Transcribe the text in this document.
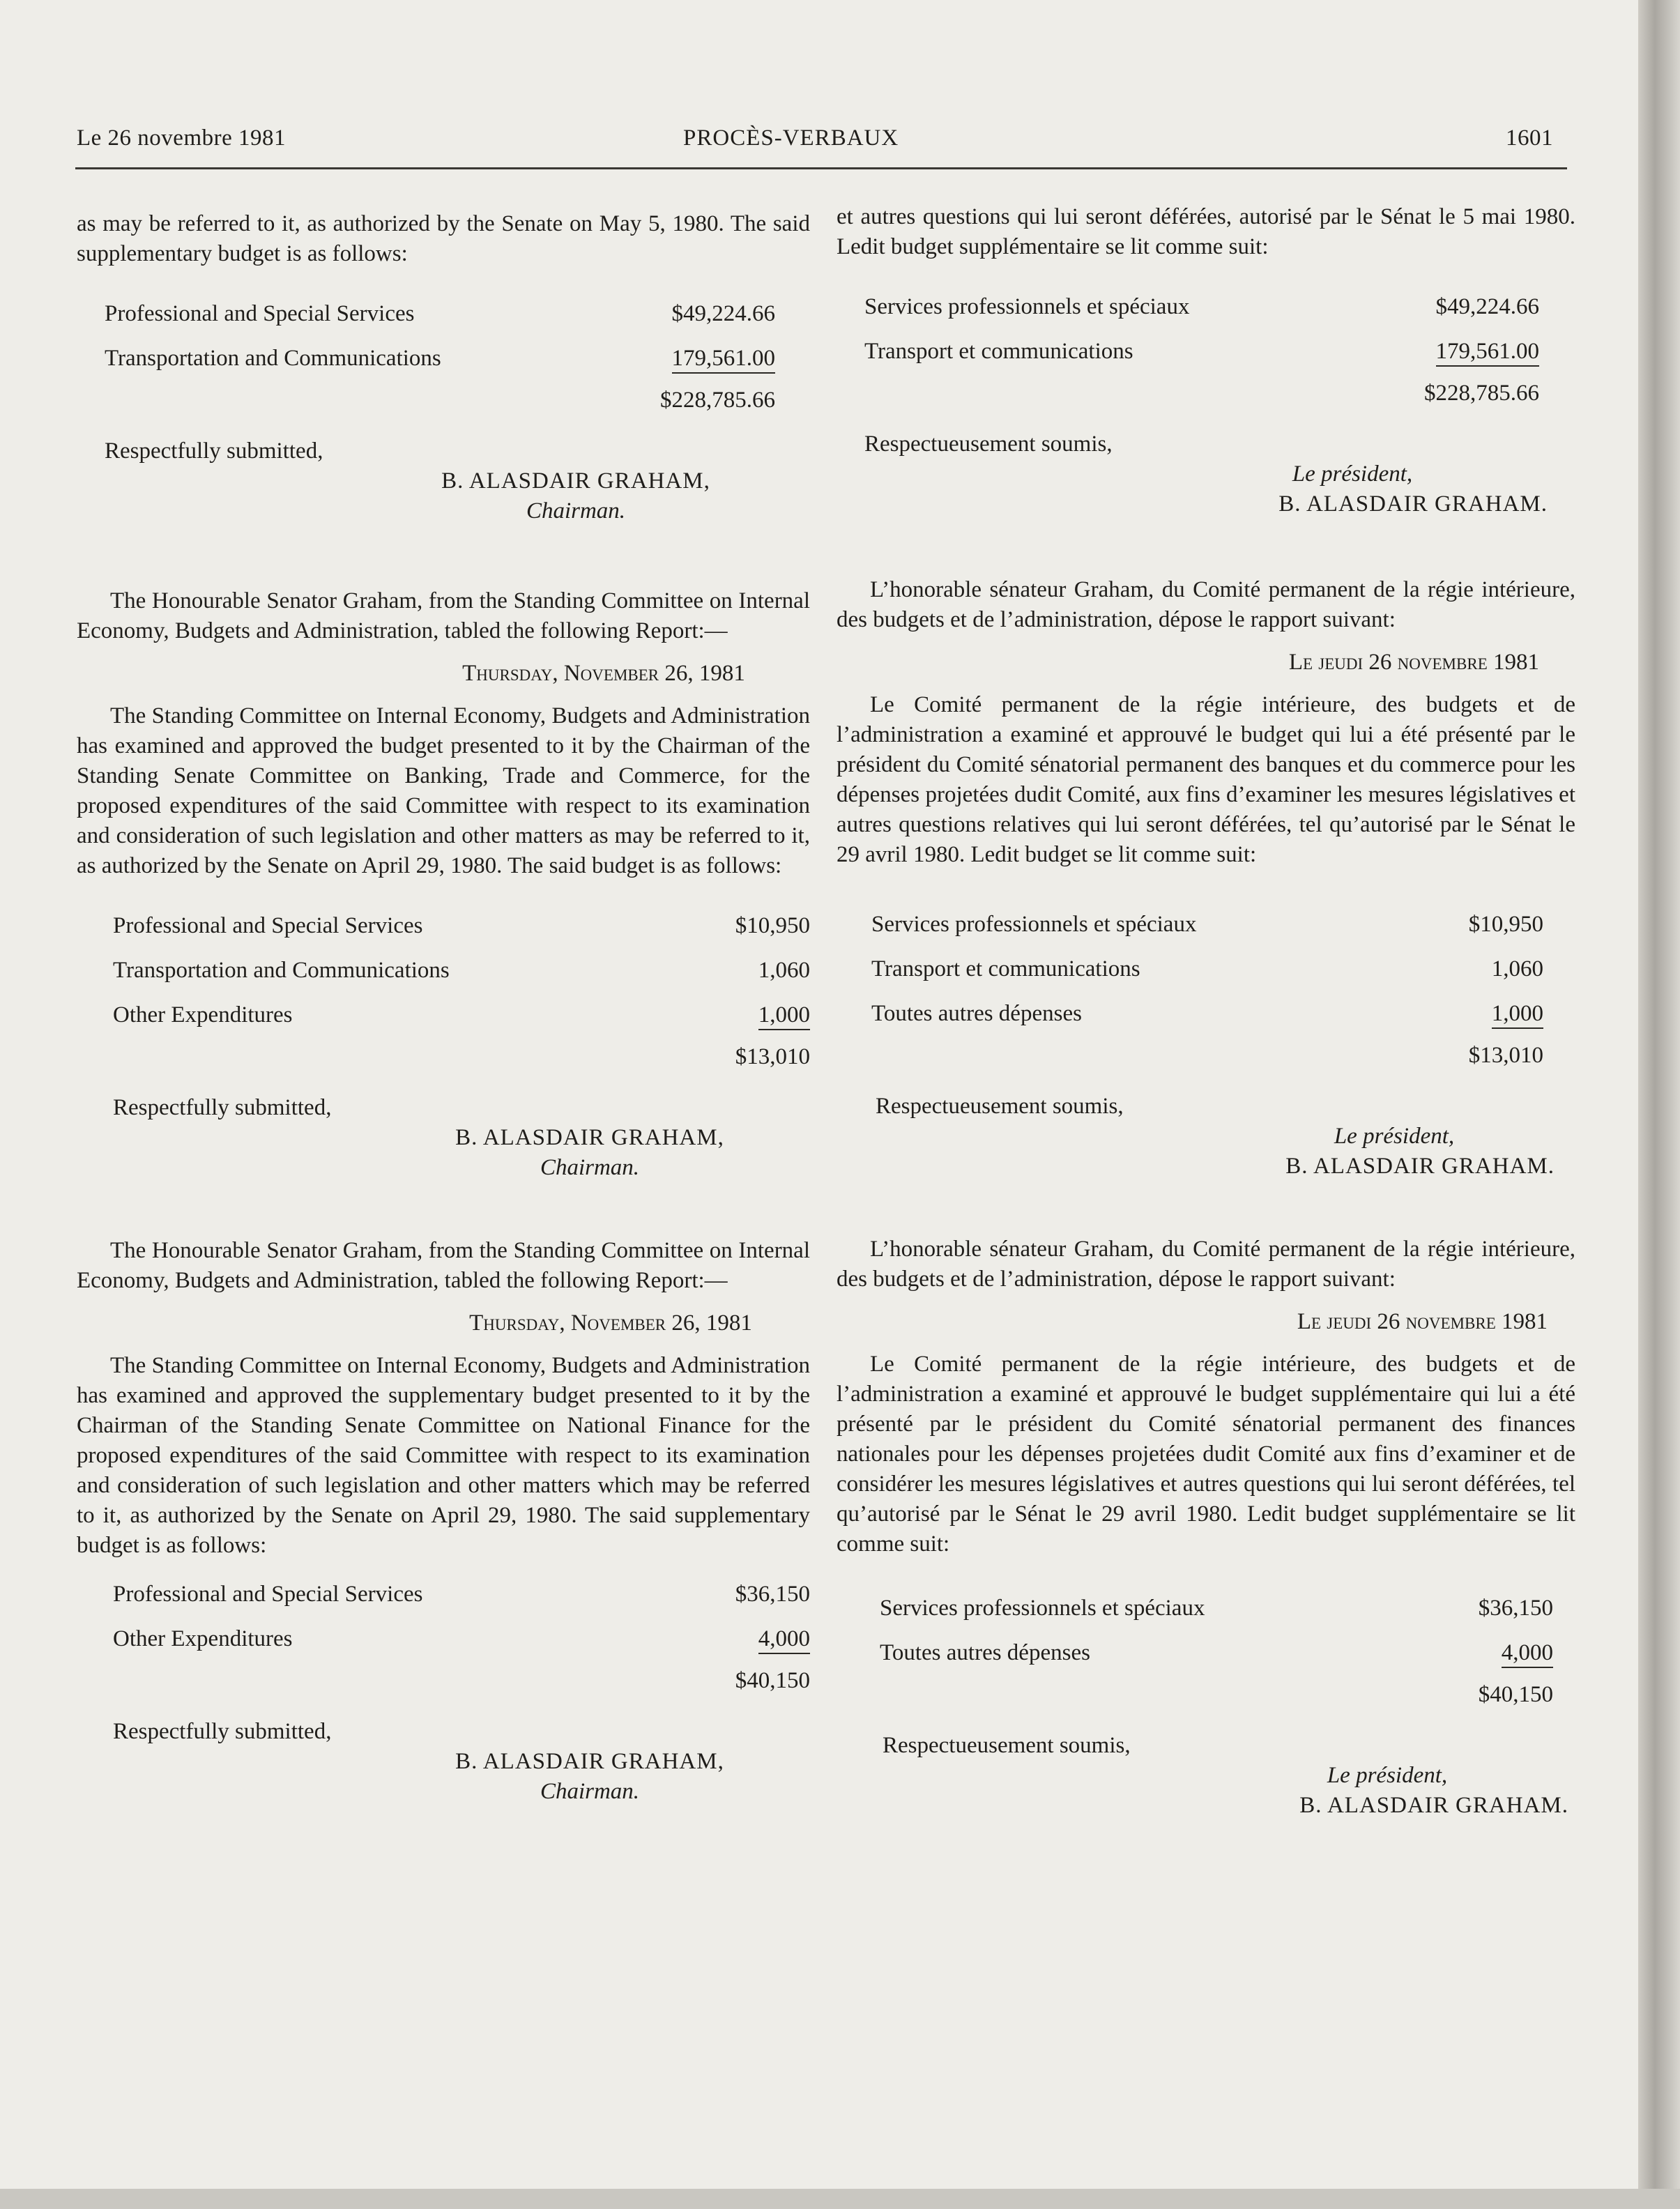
Le 26 novembre 1981	PROCÈS-VERBAUX	1601

as may be referred to it, as authorized by the Senate on May 5, 1980. The said supplementary budget is as follows:

Professional and Special Services	$49,224.66
Transportation and Communications	179,561.00
$228,785.66
Respectfully submitted,
B. ALASDAIR GRAHAM,
Chairman.

The Honourable Senator Graham, from the Standing Committee on Internal Economy, Budgets and Administration, tabled the following Report:—

Thursday, November 26, 1981

The Standing Committee on Internal Economy, Budgets and Administration has examined and approved the budget presented to it by the Chairman of the Standing Senate Committee on Banking, Trade and Commerce, for the proposed expenditures of the said Committee with respect to its examination and consideration of such legislation and other matters as may be referred to it, as authorized by the Senate on April 29, 1980. The said budget is as follows:

Professional and Special Services	$10,950
Transportation and Communications	1,060
Other Expenditures	1,000
$13,010
Respectfully submitted,
B. ALASDAIR GRAHAM,
Chairman.

The Honourable Senator Graham, from the Standing Committee on Internal Economy, Budgets and Administration, tabled the following Report:—

Thursday, November 26, 1981

The Standing Committee on Internal Economy, Budgets and Administration has examined and approved the supplementary budget presented to it by the Chairman of the Standing Senate Committee on National Finance for the proposed expenditures of the said Committee with respect to its examination and consideration of such legislation and other matters which may be referred to it, as authorized by the Senate on April 29, 1980. The said supplementary budget is as follows:

Professional and Special Services	$36,150
Other Expenditures	4,000
$40,150
Respectfully submitted,
B. ALASDAIR GRAHAM,
Chairman.

et autres questions qui lui seront déférées, autorisé par le Sénat le 5 mai 1980. Ledit budget supplémentaire se lit comme suit:

Services professionnels et spéciaux	$49,224.66
Transport et communications	179,561.00
$228,785.66
Respectueusement soumis,
Le président,
B. ALASDAIR GRAHAM.

L’honorable sénateur Graham, du Comité permanent de la régie intérieure, des budgets et de l’administration, dépose le rapport suivant:

Le jeudi 26 novembre 1981

Le Comité permanent de la régie intérieure, des budgets et de l’administration a examiné et approuvé le budget qui lui a été présenté par le président du Comité sénatorial permanent des banques et du commerce pour les dépenses projetées dudit Comité, aux fins d’examiner les mesures législatives et autres questions relatives qui lui seront déférées, tel qu’autorisé par le Sénat le 29 avril 1980. Ledit budget se lit comme suit:

Services professionnels et spéciaux	$10,950
Transport et communications	1,060
Toutes autres dépenses	1,000
$13,010
Respectueusement soumis,
Le président,
B. ALASDAIR GRAHAM.

L’honorable sénateur Graham, du Comité permanent de la régie intérieure, des budgets et de l’administration, dépose le rapport suivant:

Le jeudi 26 novembre 1981

Le Comité permanent de la régie intérieure, des budgets et de l’administration a examiné et approuvé le budget supplémentaire qui lui a été présenté par le président du Comité sénatorial permanent des finances nationales pour les dépenses projetées dudit Comité aux fins d’examiner et de considérer les mesures législatives et autres questions qui lui seront déférées, tel qu’autorisé par le Sénat le 29 avril 1980. Ledit budget supplémentaire se lit comme suit:

Services professionnels et spéciaux	$36,150
Toutes autres dépenses	4,000
$40,150
Respectueusement soumis,
Le président,
B. ALASDAIR GRAHAM.
